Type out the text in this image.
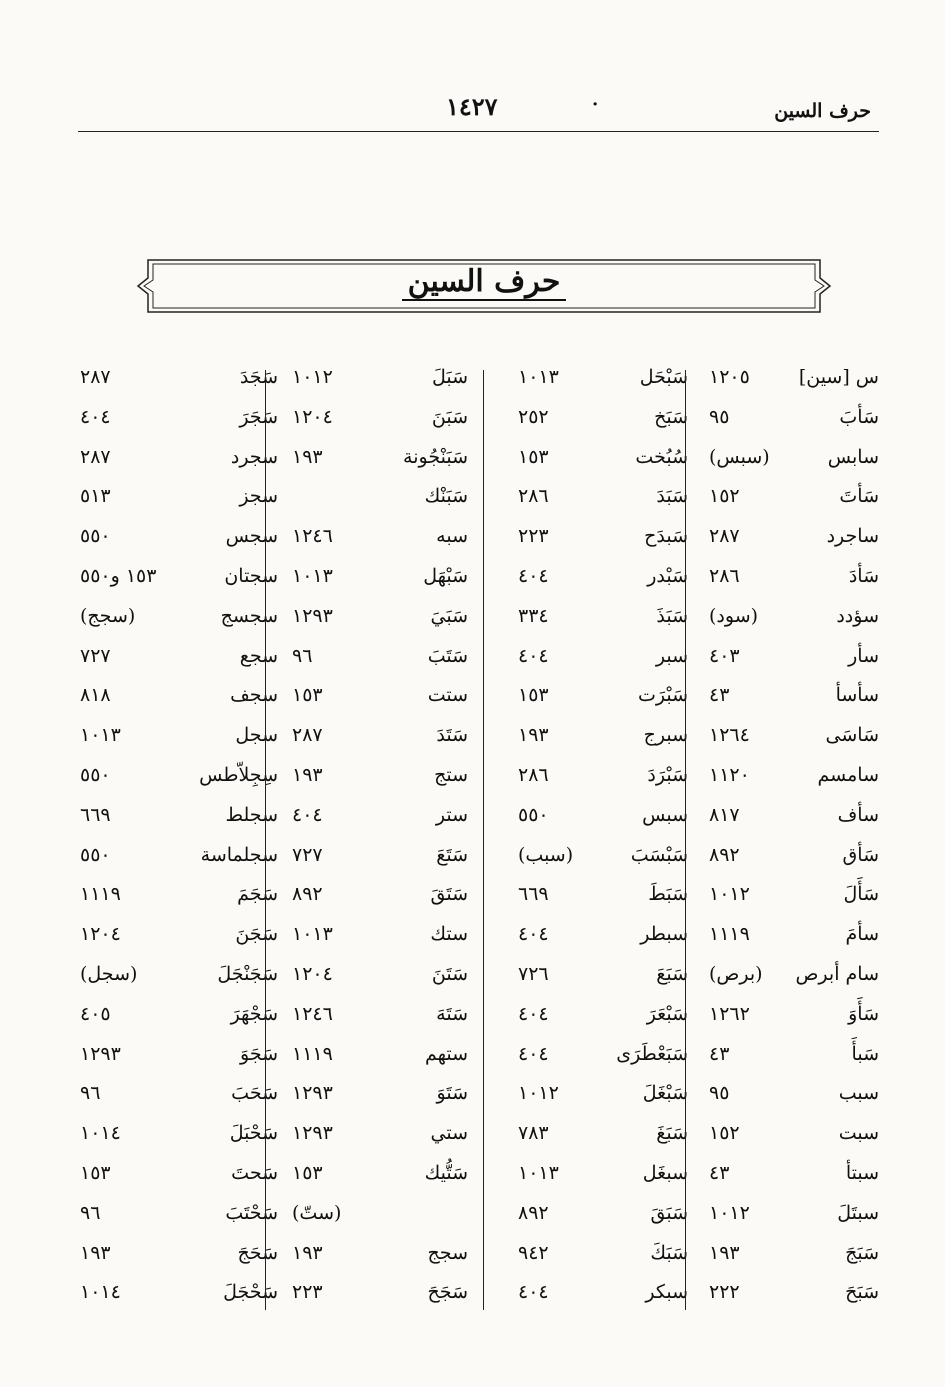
حرف السين
١٤٢٧	·
حرف السين
س [سين]
١٢٠٥
سَأبَ
٩٥
سابس
(سبس)
سَأتَ
١٥٢
ساجرد
٢٨٧
سَأدَ
٢٨٦
سؤدد
(سود)
سأر
٤٠٣
سأسأ
٤٣
سَاسَى
١٢٦٤
سامسم
١١٢٠
سأف
٨١٧
سَأق
٨٩٢
سَأَلَ
١٠١٢
سأمَ
١١١٩
سام أبرص
(برص)
سَأَوَ
١٢٦٢
سَبأَ
٤٣
سبب
٩٥
سبت
١٥٢
سبتأ
٤٣
سبتَلَ
١٠١٢
سَبَجَ
١٩٣
سَبَحَ
٢٢٢
سَبْحَل
١٠١٣
سَبَخ
٢٥٢
سُبُخت
١٥٣
سَبَدَ
٢٨٦
سَبدَح
٢٢٣
سَبْدر
٤٠٤
سَبَذَ
٣٣٤
سبر
٤٠٤
سَبْرَت
١٥٣
سبرج
١٩٣
سَبْرَدَ
٢٨٦
سبس
٥٥٠
سَبْسَبَ
(سبب)
سَبَطَ
٦٦٩
سبطر
٤٠٤
سَبَعَ
٧٢٦
سَبْعَرَ
٤٠٤
سَبَعْطَرَى
٤٠٤
سَبْغَلَ
١٠١٢
سَبَغَ
٧٨٣
سبغَل
١٠١٣
سَبَقَ
٨٩٢
سَبَكَ
٩٤٢
سبكر
٤٠٤
سَبَلَ
١٠١٢
سَبَنَ
١٢٠٤
سَبَنْجُونة
١٩٣
سَبَنْك
سبه
١٢٤٦
سَبْهَل
١٠١٣
سَبَيَ
١٢٩٣
سَتَبَ
٩٦
ستت
١٥٣
سَتَدَ
٢٨٧
ستج
١٩٣
ستر
٤٠٤
سَتَعَ
٧٢٧
سَتَقَ
٨٩٢
ستك
١٠١٣
سَتَنَ
١٢٠٤
سَتَهَ
١٢٤٦
ستهم
١١١٩
سَتَوَ
١٢٩٣
ستي
١٢٩٣
سَتُّيك
١٥٣
(ستّ)
سجج
١٩٣
سَجَحَ
٢٢٣
سَجَدَ
٢٨٧
سَجَرَ
٤٠٤
سجرد
٢٨٧
سجز
٥١٣
سجس
٥٥٠
سجتان
١٥٣ و٥٥٠
سجسج
(سجج)
سجع
٧٢٧
سجف
٨١٨
سجل
١٠١٣
سِجِلاّطس
٥٥٠
سجلط
٦٦٩
سجلماسة
٥٥٠
سَجَمَ
١١١٩
سَجَنَ
١٢٠٤
سَجَنْجَلَ
(سجل)
سَجْهَرَ
٤٠٥
سَجَوَ
١٢٩٣
سَحَبَ
٩٦
سَحْبَلَ
١٠١٤
سَحتَ
١٥٣
سَحْتَبَ
٩٦
سَحَجَ
١٩٣
سَحْجَلَ
١٠١٤
